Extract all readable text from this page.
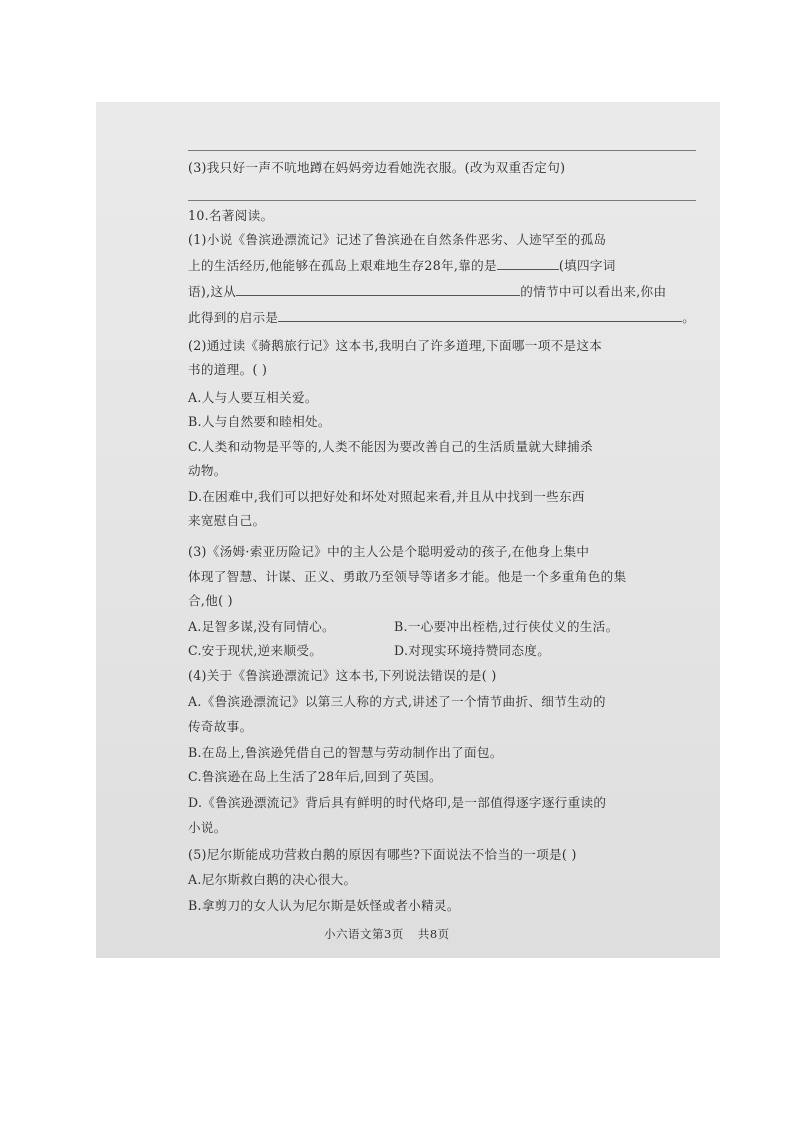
(3)我只好一声不吭地蹲在妈妈旁边看她洗衣服。(改为双重否定句)
10.名著阅读。
(1)小说《鲁滨逊漂流记》记述了鲁滨逊在自然条件恶劣、人迹罕至的孤岛
上的生活经历,他能够在孤岛上艰难地生存28年,靠的是	(填四字词
语),这从	的情节中可以看出来,你由
此得到的启示是	。
(2)通过读《骑鹅旅行记》这本书,我明白了许多道理,下面哪一项不是这本
书的道理。( )
A.人与人要互相关爱。
B.人与自然要和睦相处。
C.人类和动物是平等的,人类不能因为要改善自己的生活质量就大肆捕杀
动物。
D.在困难中,我们可以把好处和坏处对照起来看,并且从中找到一些东西
来宽慰自己。
(3)《汤姆·索亚历险记》中的主人公是个聪明爱动的孩子,在他身上集中
体现了智慧、计谋、正义、勇敢乃至领导等诸多才能。他是一个多重角色的集
合,他( )
A.足智多谋,没有同情心。	B.一心要冲出桎梏,过行侠仗义的生活。
C.安于现状,逆来顺受。	D.对现实环境持赞同态度。
(4)关于《鲁滨逊漂流记》这本书,下列说法错误的是( )
A.《鲁滨逊漂流记》以第三人称的方式,讲述了一个情节曲折、细节生动的
传奇故事。
B.在岛上,鲁滨逊凭借自己的智慧与劳动制作出了面包。
C.鲁滨逊在岛上生活了28年后,回到了英国。
D.《鲁滨逊漂流记》背后具有鲜明的时代烙印,是一部值得逐字逐行重读的
小说。
(5)尼尔斯能成功营救白鹅的原因有哪些?下面说法不恰当的一项是( )
A.尼尔斯救白鹅的决心很大。
B.拿剪刀的女人认为尼尔斯是妖怪或者小精灵。
小六语文第3页 共8页
